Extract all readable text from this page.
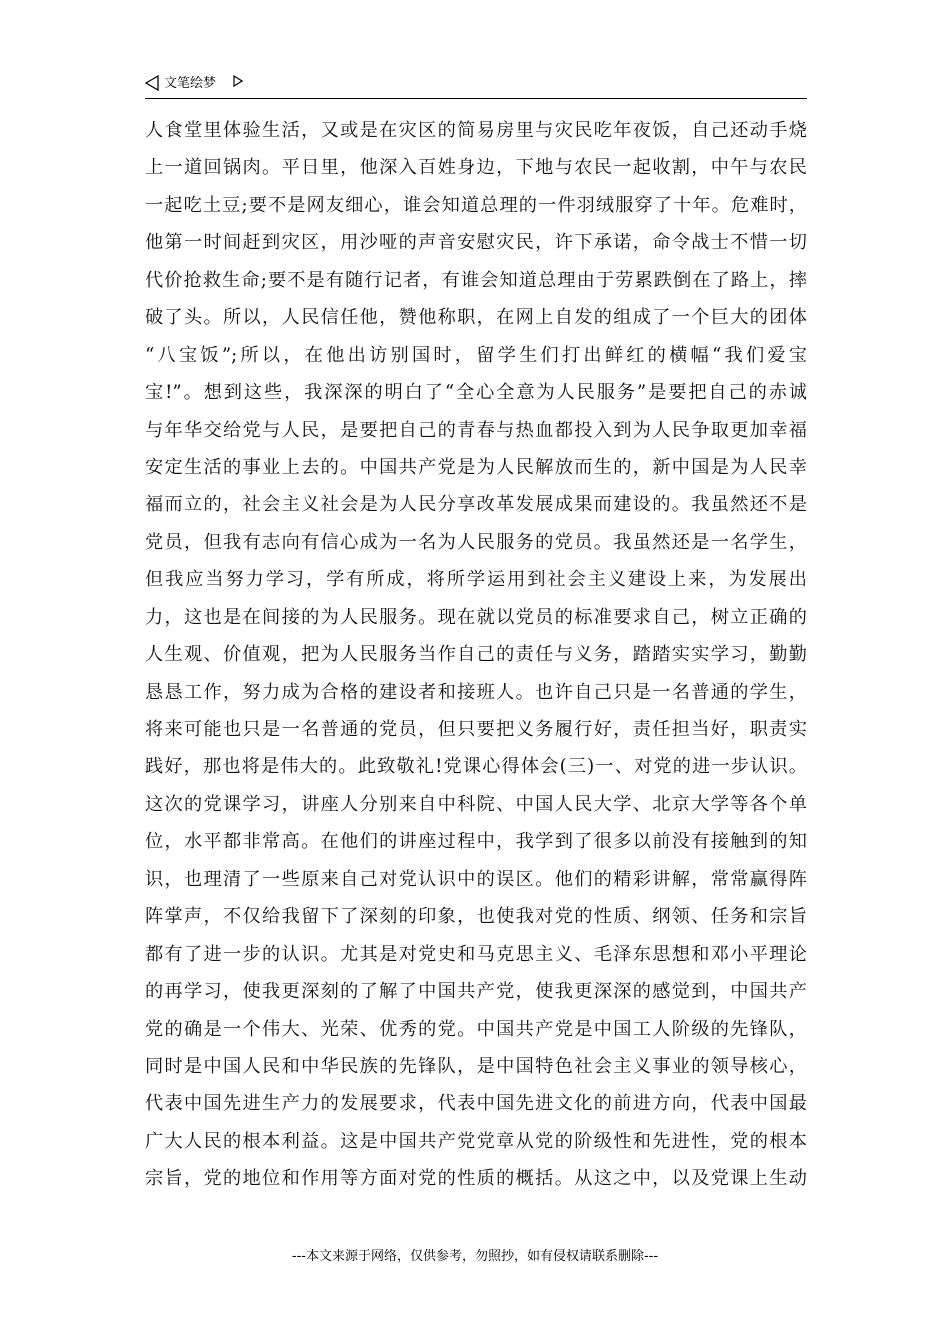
文笔绘梦
人食堂里体验生活，又或是在灾区的简易房里与灾民吃年夜饭，自己还动手烧
上一道回锅肉。平日里，他深入百姓身边，下地与农民一起收割，中午与农民
一起吃土豆;要不是网友细心，谁会知道总理的一件羽绒服穿了十年。危难时，
他第一时间赶到灾区，用沙哑的声音安慰灾民，许下承诺，命令战士不惜一切
代价抢救生命;要不是有随行记者，有谁会知道总理由于劳累跌倒在了路上，摔
破了头。所以，人民信任他，赞他称职，在网上自发的组成了一个巨大的团体
“八宝饭”;所以，在他出访别国时，留学生们打出鲜红的横幅“我们爱宝
宝!”。想到这些，我深深的明白了“全心全意为人民服务”是要把自己的赤诚
与年华交给党与人民，是要把自己的青春与热血都投入到为人民争取更加幸福
安定生活的事业上去的。中国共产党是为人民解放而生的，新中国是为人民幸
福而立的，社会主义社会是为人民分享改革发展成果而建设的。我虽然还不是
党员，但我有志向有信心成为一名为人民服务的党员。我虽然还是一名学生，
但我应当努力学习，学有所成，将所学运用到社会主义建设上来，为发展出
力，这也是在间接的为人民服务。现在就以党员的标准要求自己，树立正确的
人生观、价值观，把为人民服务当作自己的责任与义务，踏踏实实学习，勤勤
恳恳工作，努力成为合格的建设者和接班人。也许自己只是一名普通的学生，
将来可能也只是一名普通的党员，但只要把义务履行好，责任担当好，职责实
践好，那也将是伟大的。此致敬礼!党课心得体会(三)一、对党的进一步认识。
这次的党课学习，讲座人分别来自中科院、中国人民大学、北京大学等各个单
位，水平都非常高。在他们的讲座过程中，我学到了很多以前没有接触到的知
识，也理清了一些原来自己对党认识中的误区。他们的精彩讲解，常常赢得阵
阵掌声，不仅给我留下了深刻的印象，也使我对党的性质、纲领、任务和宗旨
都有了进一步的认识。尤其是对党史和马克思主义、毛泽东思想和邓小平理论
的再学习，使我更深刻的了解了中国共产党，使我更深深的感觉到，中国共产
党的确是一个伟大、光荣、优秀的党。中国共产党是中国工人阶级的先锋队，
同时是中国人民和中华民族的先锋队，是中国特色社会主义事业的领导核心，
代表中国先进生产力的发展要求，代表中国先进文化的前进方向，代表中国最
广大人民的根本利益。这是中国共产党党章从党的阶级性和先进性，党的根本
宗旨，党的地位和作用等方面对党的性质的概括。从这之中，以及党课上生动
---本文来源于网络，仅供参考，勿照抄，如有侵权请联系删除---
